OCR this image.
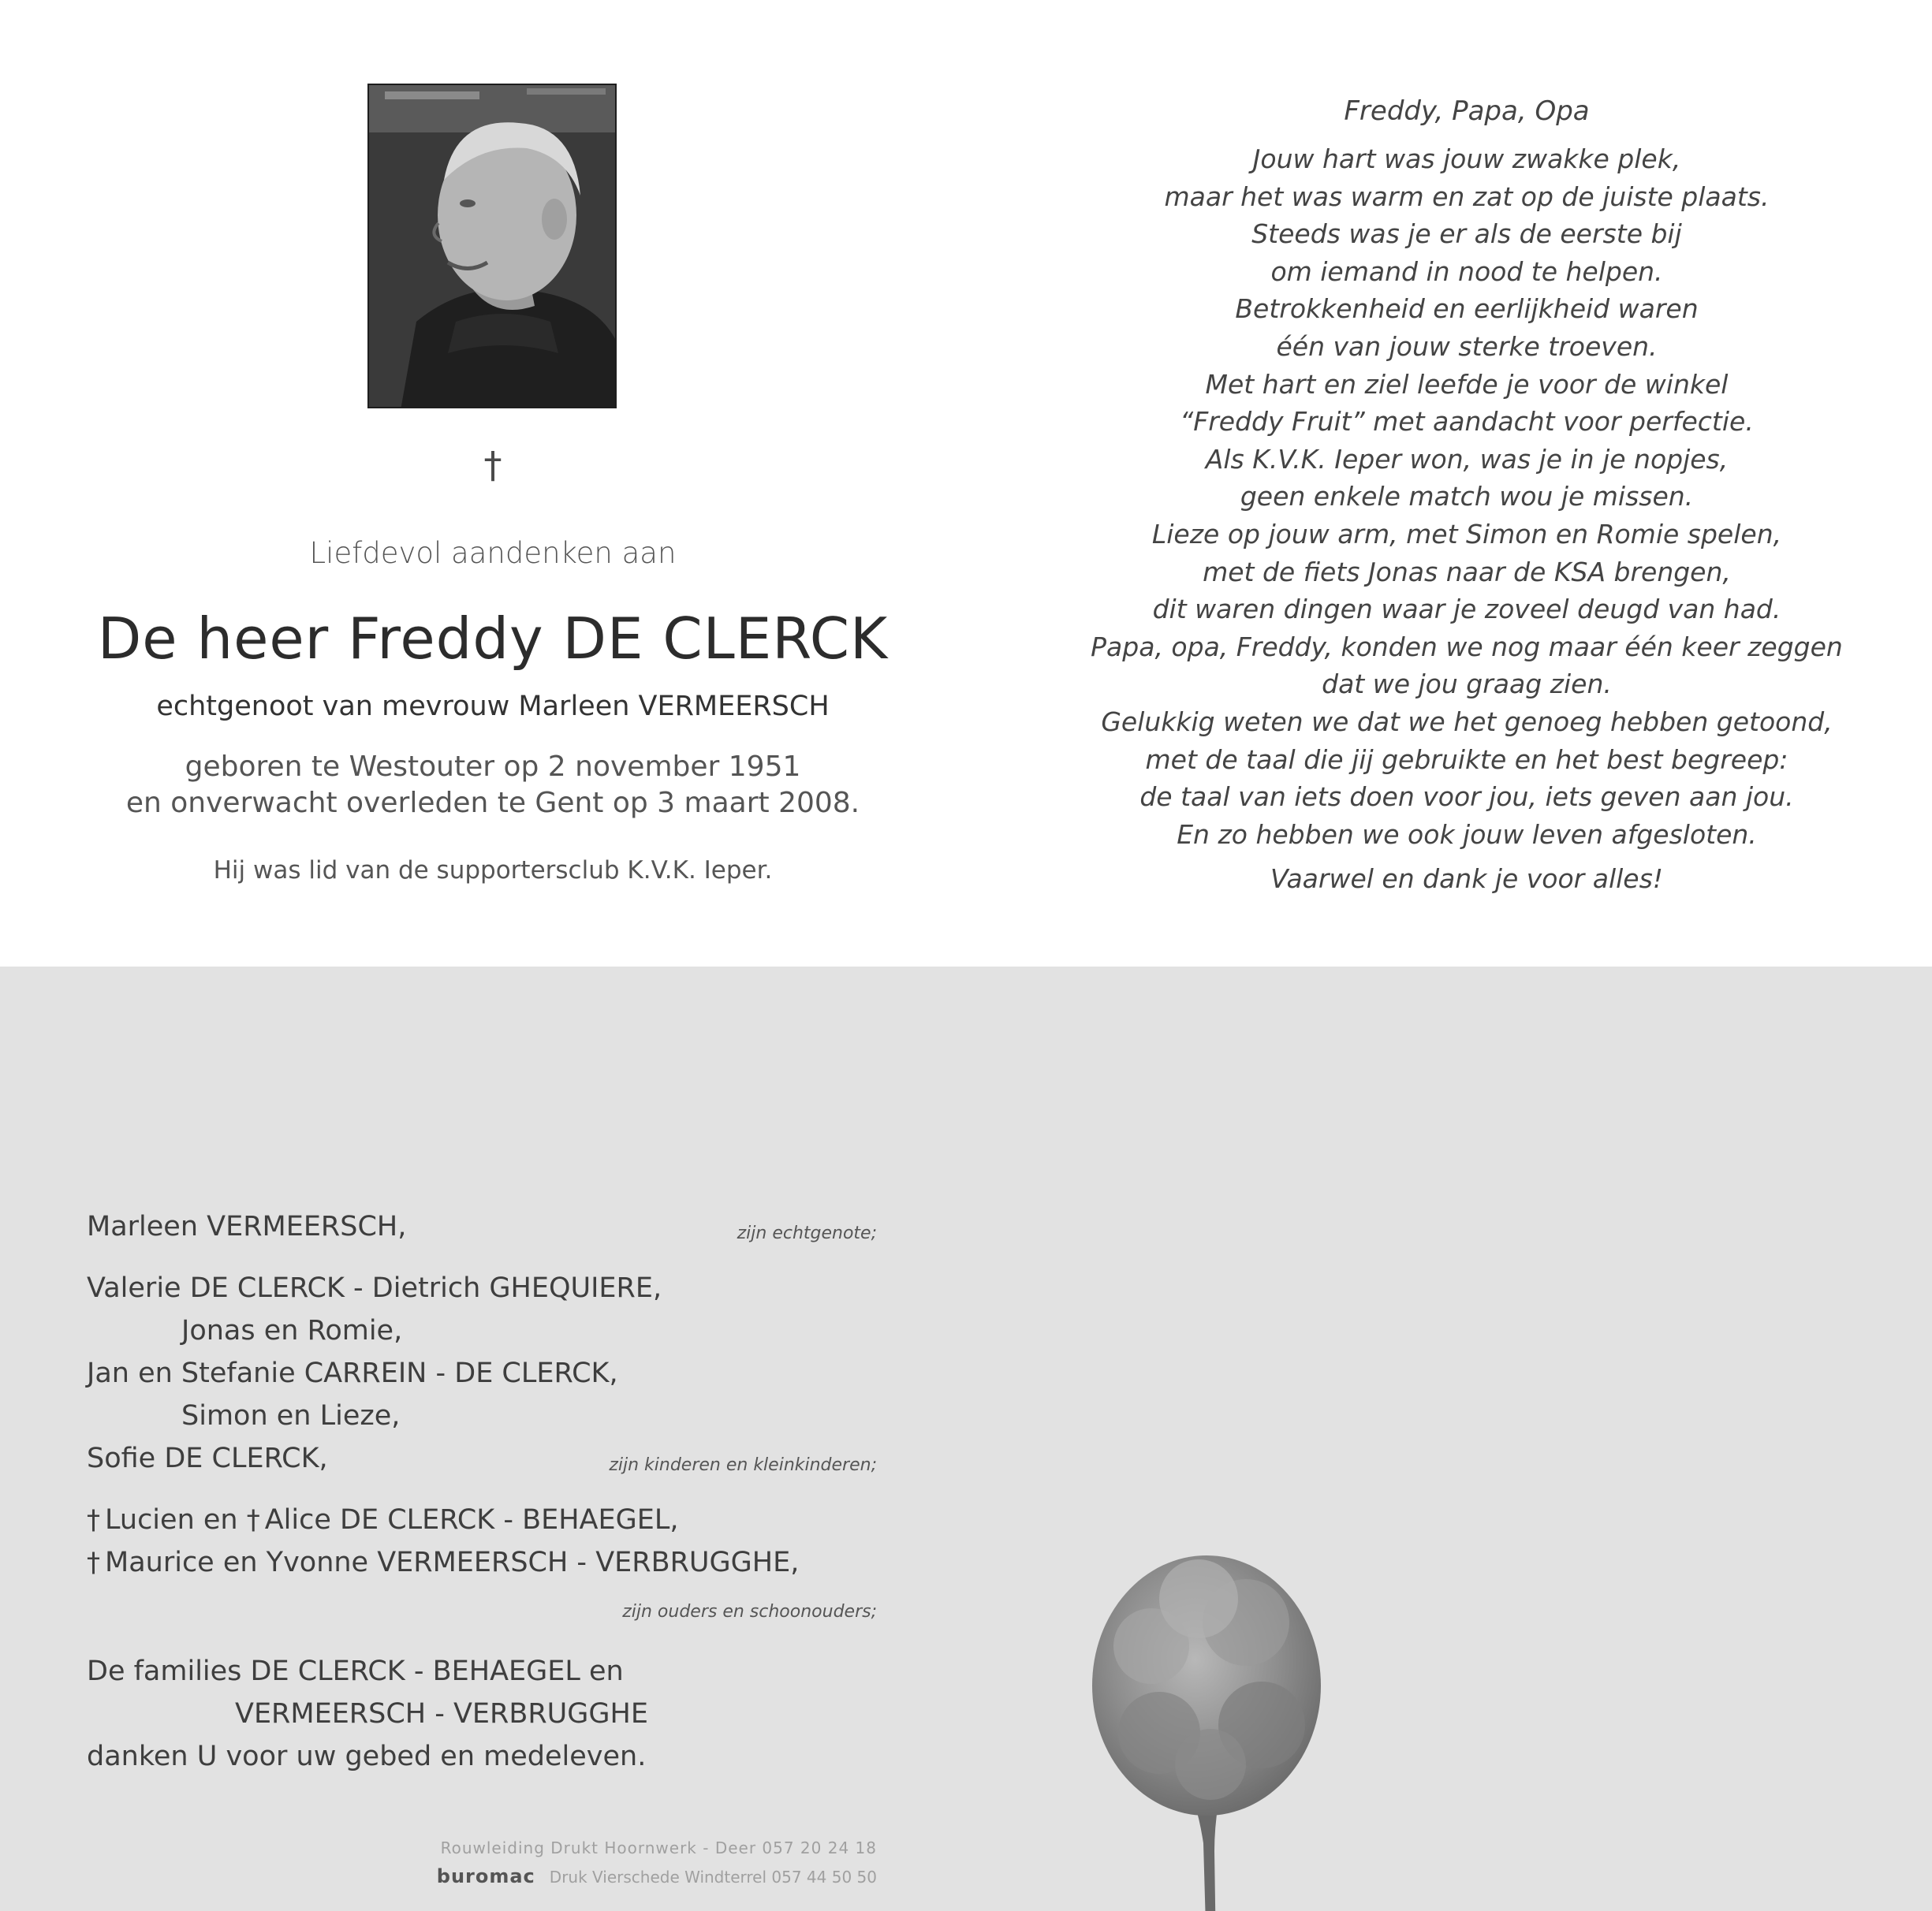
†
Liefdevol aandenken aan
De heer Freddy DE CLERCK
echtgenoot van mevrouw Marleen VERMEERSCH
geboren te Westouter op 2 november 1951
en onverwacht overleden te Gent op 3 maart 2008.
Hij was lid van de supportersclub K.V.K. Ieper.
Freddy, Papa, Opa
Jouw hart was jouw zwakke plek,
maar het was warm en zat op de juiste plaats.
Steeds was je er als de eerste bij
om iemand in nood te helpen.
Betrokkenheid en eerlijkheid waren
één van jouw sterke troeven.
Met hart en ziel leefde je voor de winkel
“Freddy Fruit” met aandacht voor perfectie.
Als K.V.K. Ieper won, was je in je nopjes,
geen enkele match wou je missen.
Lieze op jouw arm, met Simon en Romie spelen,
met de fiets Jonas naar de KSA brengen,
dit waren dingen waar je zoveel deugd van had.
Papa, opa, Freddy, konden we nog maar één keer zeggen
dat we jou graag zien.
Gelukkig weten we dat we het genoeg hebben getoond,
met de taal die jij gebruikte en het best begreep:
de taal van iets doen voor jou, iets geven aan jou.
En zo hebben we ook jouw leven afgesloten.
Vaarwel en dank je voor alles!
Marleen VERMEERSCH,	zijn echtgenote;
Valerie DE CLERCK - Dietrich GHEQUIERE,
Jonas en Romie,
Jan en Stefanie CARREIN - DE CLERCK,
Simon en Lieze,
Sofie DE CLERCK,	zijn kinderen en kleinkinderen;
† Lucien en † Alice DE CLERCK - BEHAEGEL,
† Maurice en Yvonne VERMEERSCH - VERBRUGGHE,
zijn ouders en schoonouders;
De families DE CLERCK - BEHAEGEL en
VERMEERSCH - VERBRUGGHE
danken U voor uw gebed en medeleven.
Rouwleiding Drukt Hoornwerk - Deer 057 20 24 18
buromac Druk Vierschede Windterrel 057 44 50 50
